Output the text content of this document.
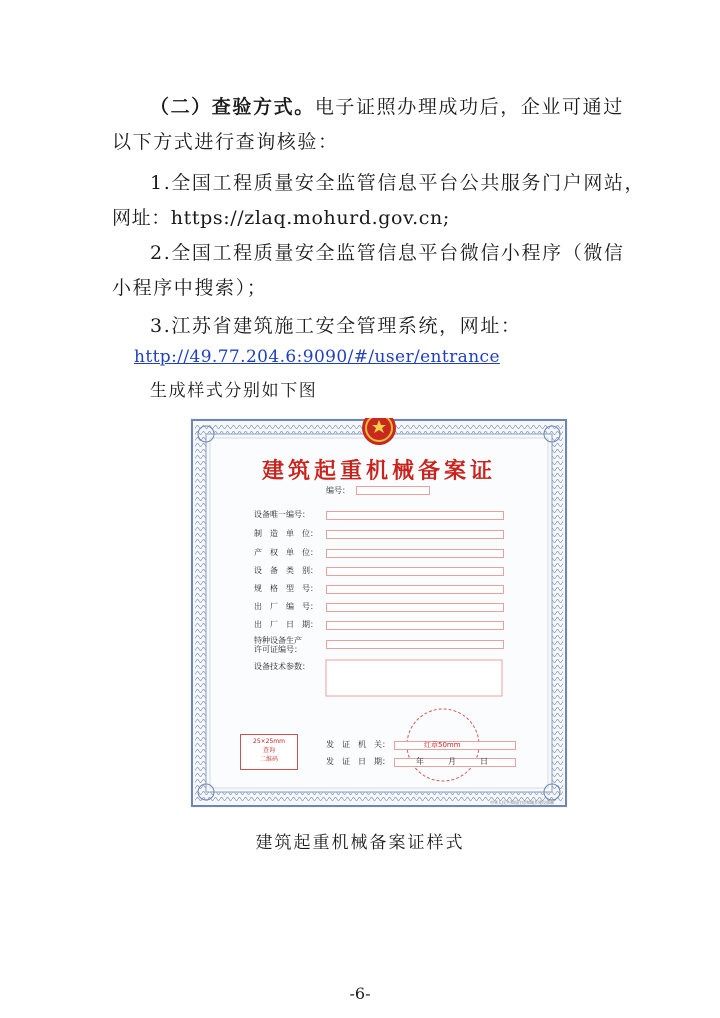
（二）查验方式。电子证照办理成功后，企业可通过
以下方式进行查询核验：
1.全国工程质量安全监管信息平台公共服务门户网站，
网址：https://zlaq.mohurd.gov.cn;
2.全国工程质量安全监管信息平台微信小程序（微信
小程序中搜索）；
3.江苏省建筑施工安全管理系统，网址：
http://49.77.204.6:9090/#/user/entrance
生成样式分别如下图
建筑起重机械备案证
编号：
设备唯一编号：
制　造　单　位：
产　权　单　位：
设　备　类　别：
规　格　型　号：
出　厂　编　号：
出　厂　日　期：
特种设备生产
许可证编号：
设备技术参数：
25×25mm
查询
二维码
发　证　机　关：	红章50mm
发　证　日　期：	年	月	日
中华人民共和国住房和城乡建设部制
建筑起重机械备案证样式
-6-
